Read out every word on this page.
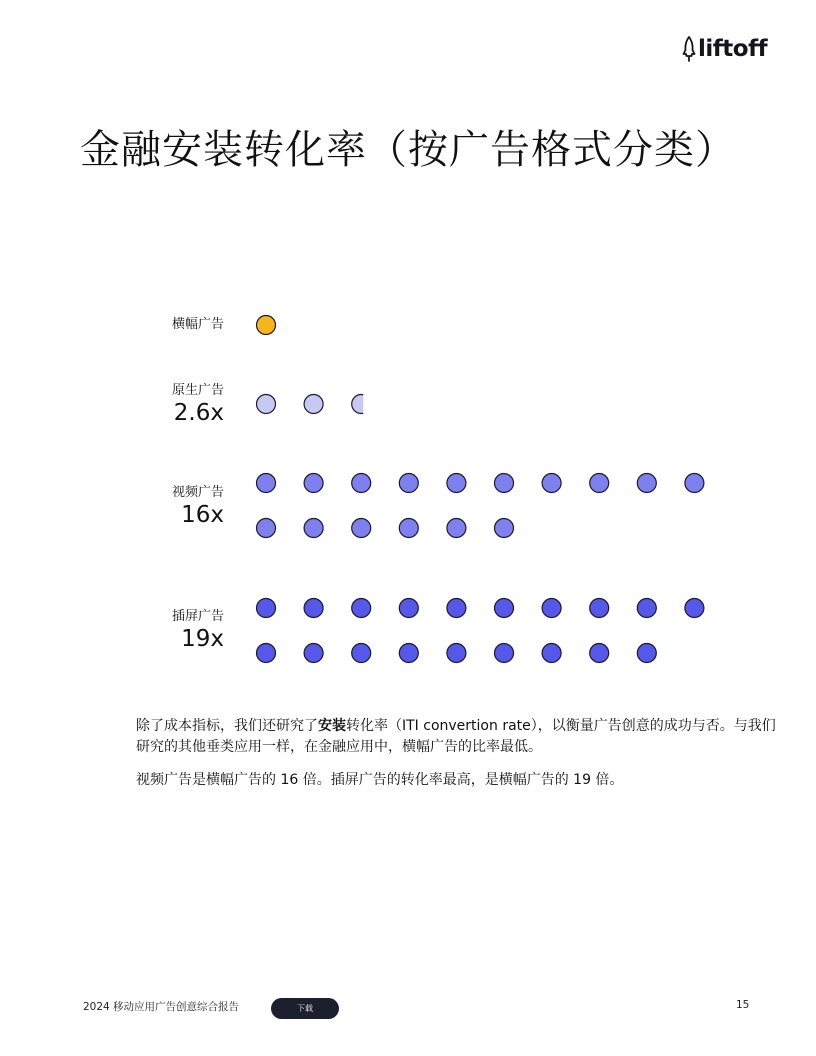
liftoff
金融安装转化率（按广告格式分类）
横幅广告
原生广告
2.6x
视频广告
16x
插屏广告
19x

除了成本指标，我们还研究了安装转化率（ITI convertion rate），以衡量广告创意的成功与否。与我们研究的其他垂类应用一样，在金融应用中，横幅广告的比率最低。

视频广告是横幅广告的 16 倍。插屏广告的转化率最高，是横幅广告的 19 倍。

2024 移动应用广告创意综合报告	下载	15
